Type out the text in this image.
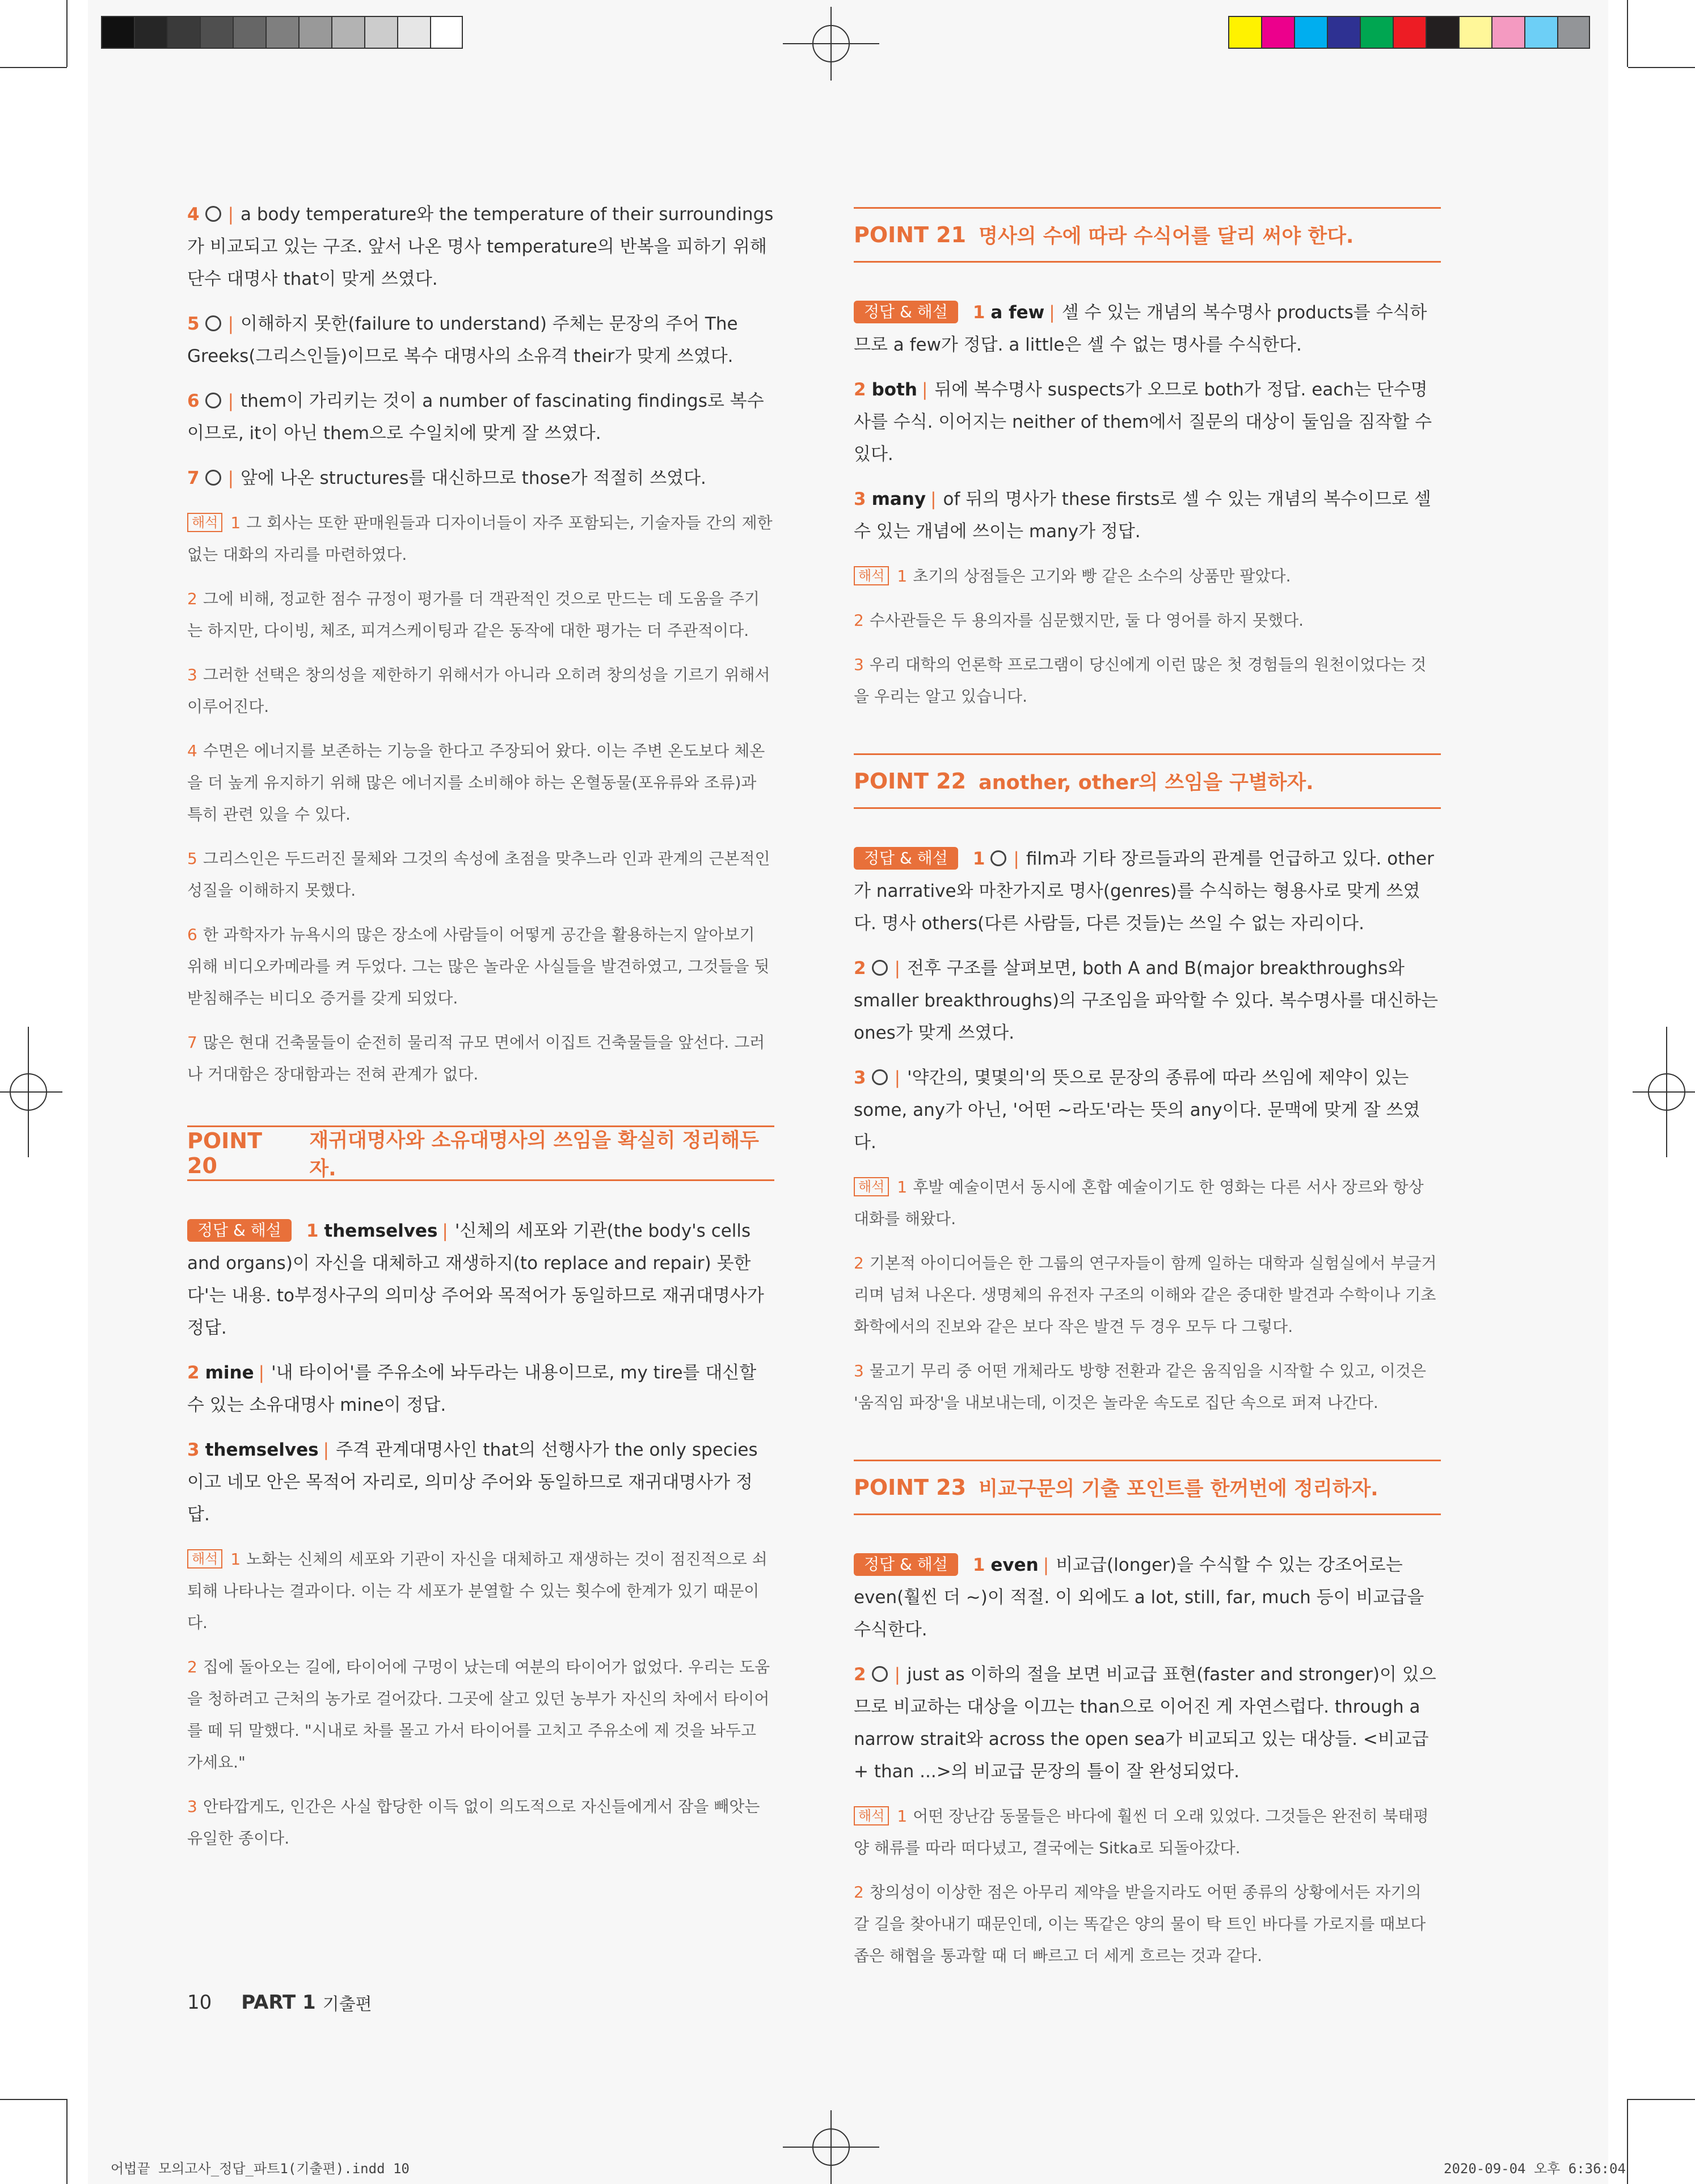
4 | a body temperature와 the temperature of their surroundings가 비교되고 있는 구조. 앞서 나온 명사 temperature의 반복을 피하기 위해 단수 대명사 that이 맞게 쓰였다.

5 | 이해하지 못한(failure to understand) 주체는 문장의 주어 The Greeks(그리스인들)이므로 복수 대명사의 소유격 their가 맞게 쓰였다.

6 | them이 가리키는 것이 a number of fascinating findings로 복수이므로, it이 아닌 them으로 수일치에 맞게 잘 쓰였다.

7 | 앞에 나온 structures를 대신하므로 those가 적절히 쓰였다.

해석 1 그 회사는 또한 판매원들과 디자이너들이 자주 포함되는, 기술자들 간의 제한 없는 대화의 자리를 마련하였다.

2 그에 비해, 정교한 점수 규정이 평가를 더 객관적인 것으로 만드는 데 도움을 주기는 하지만, 다이빙, 체조, 피겨스케이팅과 같은 동작에 대한 평가는 더 주관적이다.

3 그러한 선택은 창의성을 제한하기 위해서가 아니라 오히려 창의성을 기르기 위해서 이루어진다.

4 수면은 에너지를 보존하는 기능을 한다고 주장되어 왔다. 이는 주변 온도보다 체온을 더 높게 유지하기 위해 많은 에너지를 소비해야 하는 온혈동물(포유류와 조류)과 특히 관련 있을 수 있다.

5 그리스인은 두드러진 물체와 그것의 속성에 초점을 맞추느라 인과 관계의 근본적인 성질을 이해하지 못했다.

6 한 과학자가 뉴욕시의 많은 장소에 사람들이 어떻게 공간을 활용하는지 알아보기 위해 비디오카메라를 켜 두었다. 그는 많은 놀라운 사실들을 발견하였고, 그것들을 뒷받침해주는 비디오 증거를 갖게 되었다.

7 많은 현대 건축물들이 순전히 물리적 규모 면에서 이집트 건축물들을 앞선다. 그러나 거대함은 장대함과는 전혀 관계가 없다.

POINT 20
재귀대명사와 소유대명사의 쓰임을 확실히 정리해두자.

정답 & 해설 1 themselves | '신체의 세포와 기관(the body's cells and organs)이 자신을 대체하고 재생하지(to replace and repair) 못한다'는 내용. to부정사구의 의미상 주어와 목적어가 동일하므로 재귀대명사가 정답.

2 mine | '내 타이어'를 주유소에 놔두라는 내용이므로, my tire를 대신할 수 있는 소유대명사 mine이 정답.

3 themselves | 주격 관계대명사인 that의 선행사가 the only species이고 네모 안은 목적어 자리로, 의미상 주어와 동일하므로 재귀대명사가 정답.

해석 1 노화는 신체의 세포와 기관이 자신을 대체하고 재생하는 것이 점진적으로 쇠퇴해 나타나는 결과이다. 이는 각 세포가 분열할 수 있는 횟수에 한계가 있기 때문이다.

2 집에 돌아오는 길에, 타이어에 구멍이 났는데 여분의 타이어가 없었다. 우리는 도움을 청하려고 근처의 농가로 걸어갔다. 그곳에 살고 있던 농부가 자신의 차에서 타이어를 떼 뒤 말했다. "시내로 차를 몰고 가서 타이어를 고치고 주유소에 제 것을 놔두고 가세요."

3 안타깝게도, 인간은 사실 합당한 이득 없이 의도적으로 자신들에게서 잠을 빼앗는 유일한 종이다.

POINT 21 명사의 수에 따라 수식어를 달리 써야 한다.

정답 & 해설 1 a few | 셀 수 있는 개념의 복수명사 products를 수식하므로 a few가 정답. a little은 셀 수 없는 명사를 수식한다.

2 both | 뒤에 복수명사 suspects가 오므로 both가 정답. each는 단수명사를 수식. 이어지는 neither of them에서 질문의 대상이 둘임을 짐작할 수 있다.

3 many | of 뒤의 명사가 these firsts로 셀 수 있는 개념의 복수이므로 셀 수 있는 개념에 쓰이는 many가 정답.

해석 1 초기의 상점들은 고기와 빵 같은 소수의 상품만 팔았다.

2 수사관들은 두 용의자를 심문했지만, 둘 다 영어를 하지 못했다.

3 우리 대학의 언론학 프로그램이 당신에게 이런 많은 첫 경험들의 원천이었다는 것을 우리는 알고 있습니다.

POINT 22 another, other의 쓰임을 구별하자.

정답 & 해설 1 | film과 기타 장르들과의 관계를 언급하고 있다. other가 narrative와 마찬가지로 명사(genres)를 수식하는 형용사로 맞게 쓰였다. 명사 others(다른 사람들, 다른 것들)는 쓰일 수 없는 자리이다.

2 | 전후 구조를 살펴보면, both A and B(major breakthroughs와 smaller breakthroughs)의 구조임을 파악할 수 있다. 복수명사를 대신하는 ones가 맞게 쓰였다.

3 | '약간의, 몇몇의'의 뜻으로 문장의 종류에 따라 쓰임에 제약이 있는 some, any가 아닌, '어떤 ~라도'라는 뜻의 any이다. 문맥에 맞게 잘 쓰였다.

해석 1 후발 예술이면서 동시에 혼합 예술이기도 한 영화는 다른 서사 장르와 항상 대화를 해왔다.

2 기본적 아이디어들은 한 그룹의 연구자들이 함께 일하는 대학과 실험실에서 부글거리며 넘쳐 나온다. 생명체의 유전자 구조의 이해와 같은 중대한 발견과 수학이나 기초 화학에서의 진보와 같은 보다 작은 발견 두 경우 모두 다 그렇다.

3 물고기 무리 중 어떤 개체라도 방향 전환과 같은 움직임을 시작할 수 있고, 이것은 '움직임 파장'을 내보내는데, 이것은 놀라운 속도로 집단 속으로 퍼져 나간다.

POINT 23 비교구문의 기출 포인트를 한꺼번에 정리하자.

정답 & 해설 1 even | 비교급(longer)을 수식할 수 있는 강조어로는 even(훨씬 더 ~)이 적절. 이 외에도 a lot, still, far, much 등이 비교급을 수식한다.

2 | just as 이하의 절을 보면 비교급 표현(faster and stronger)이 있으므로 비교하는 대상을 이끄는 than으로 이어진 게 자연스럽다. through a narrow strait와 across the open sea가 비교되고 있는 대상들. <비교급 + than ...>의 비교급 문장의 틀이 잘 완성되었다.

해석 1 어떤 장난감 동물들은 바다에 훨씬 더 오래 있었다. 그것들은 완전히 북태평양 해류를 따라 떠다녔고, 결국에는 Sitka로 되돌아갔다.

2 창의성이 이상한 점은 아무리 제약을 받을지라도 어떤 종류의 상황에서든 자기의 갈 길을 찾아내기 때문인데, 이는 똑같은 양의 물이 탁 트인 바다를 가로지를 때보다 좁은 해협을 통과할 때 더 빠르고 더 세게 흐르는 것과 같다.

10 PART 1 기출편
어법끝 모의고사_정답_파트1(기출편).indd 10	2020-09-04 오후 6:36:04
